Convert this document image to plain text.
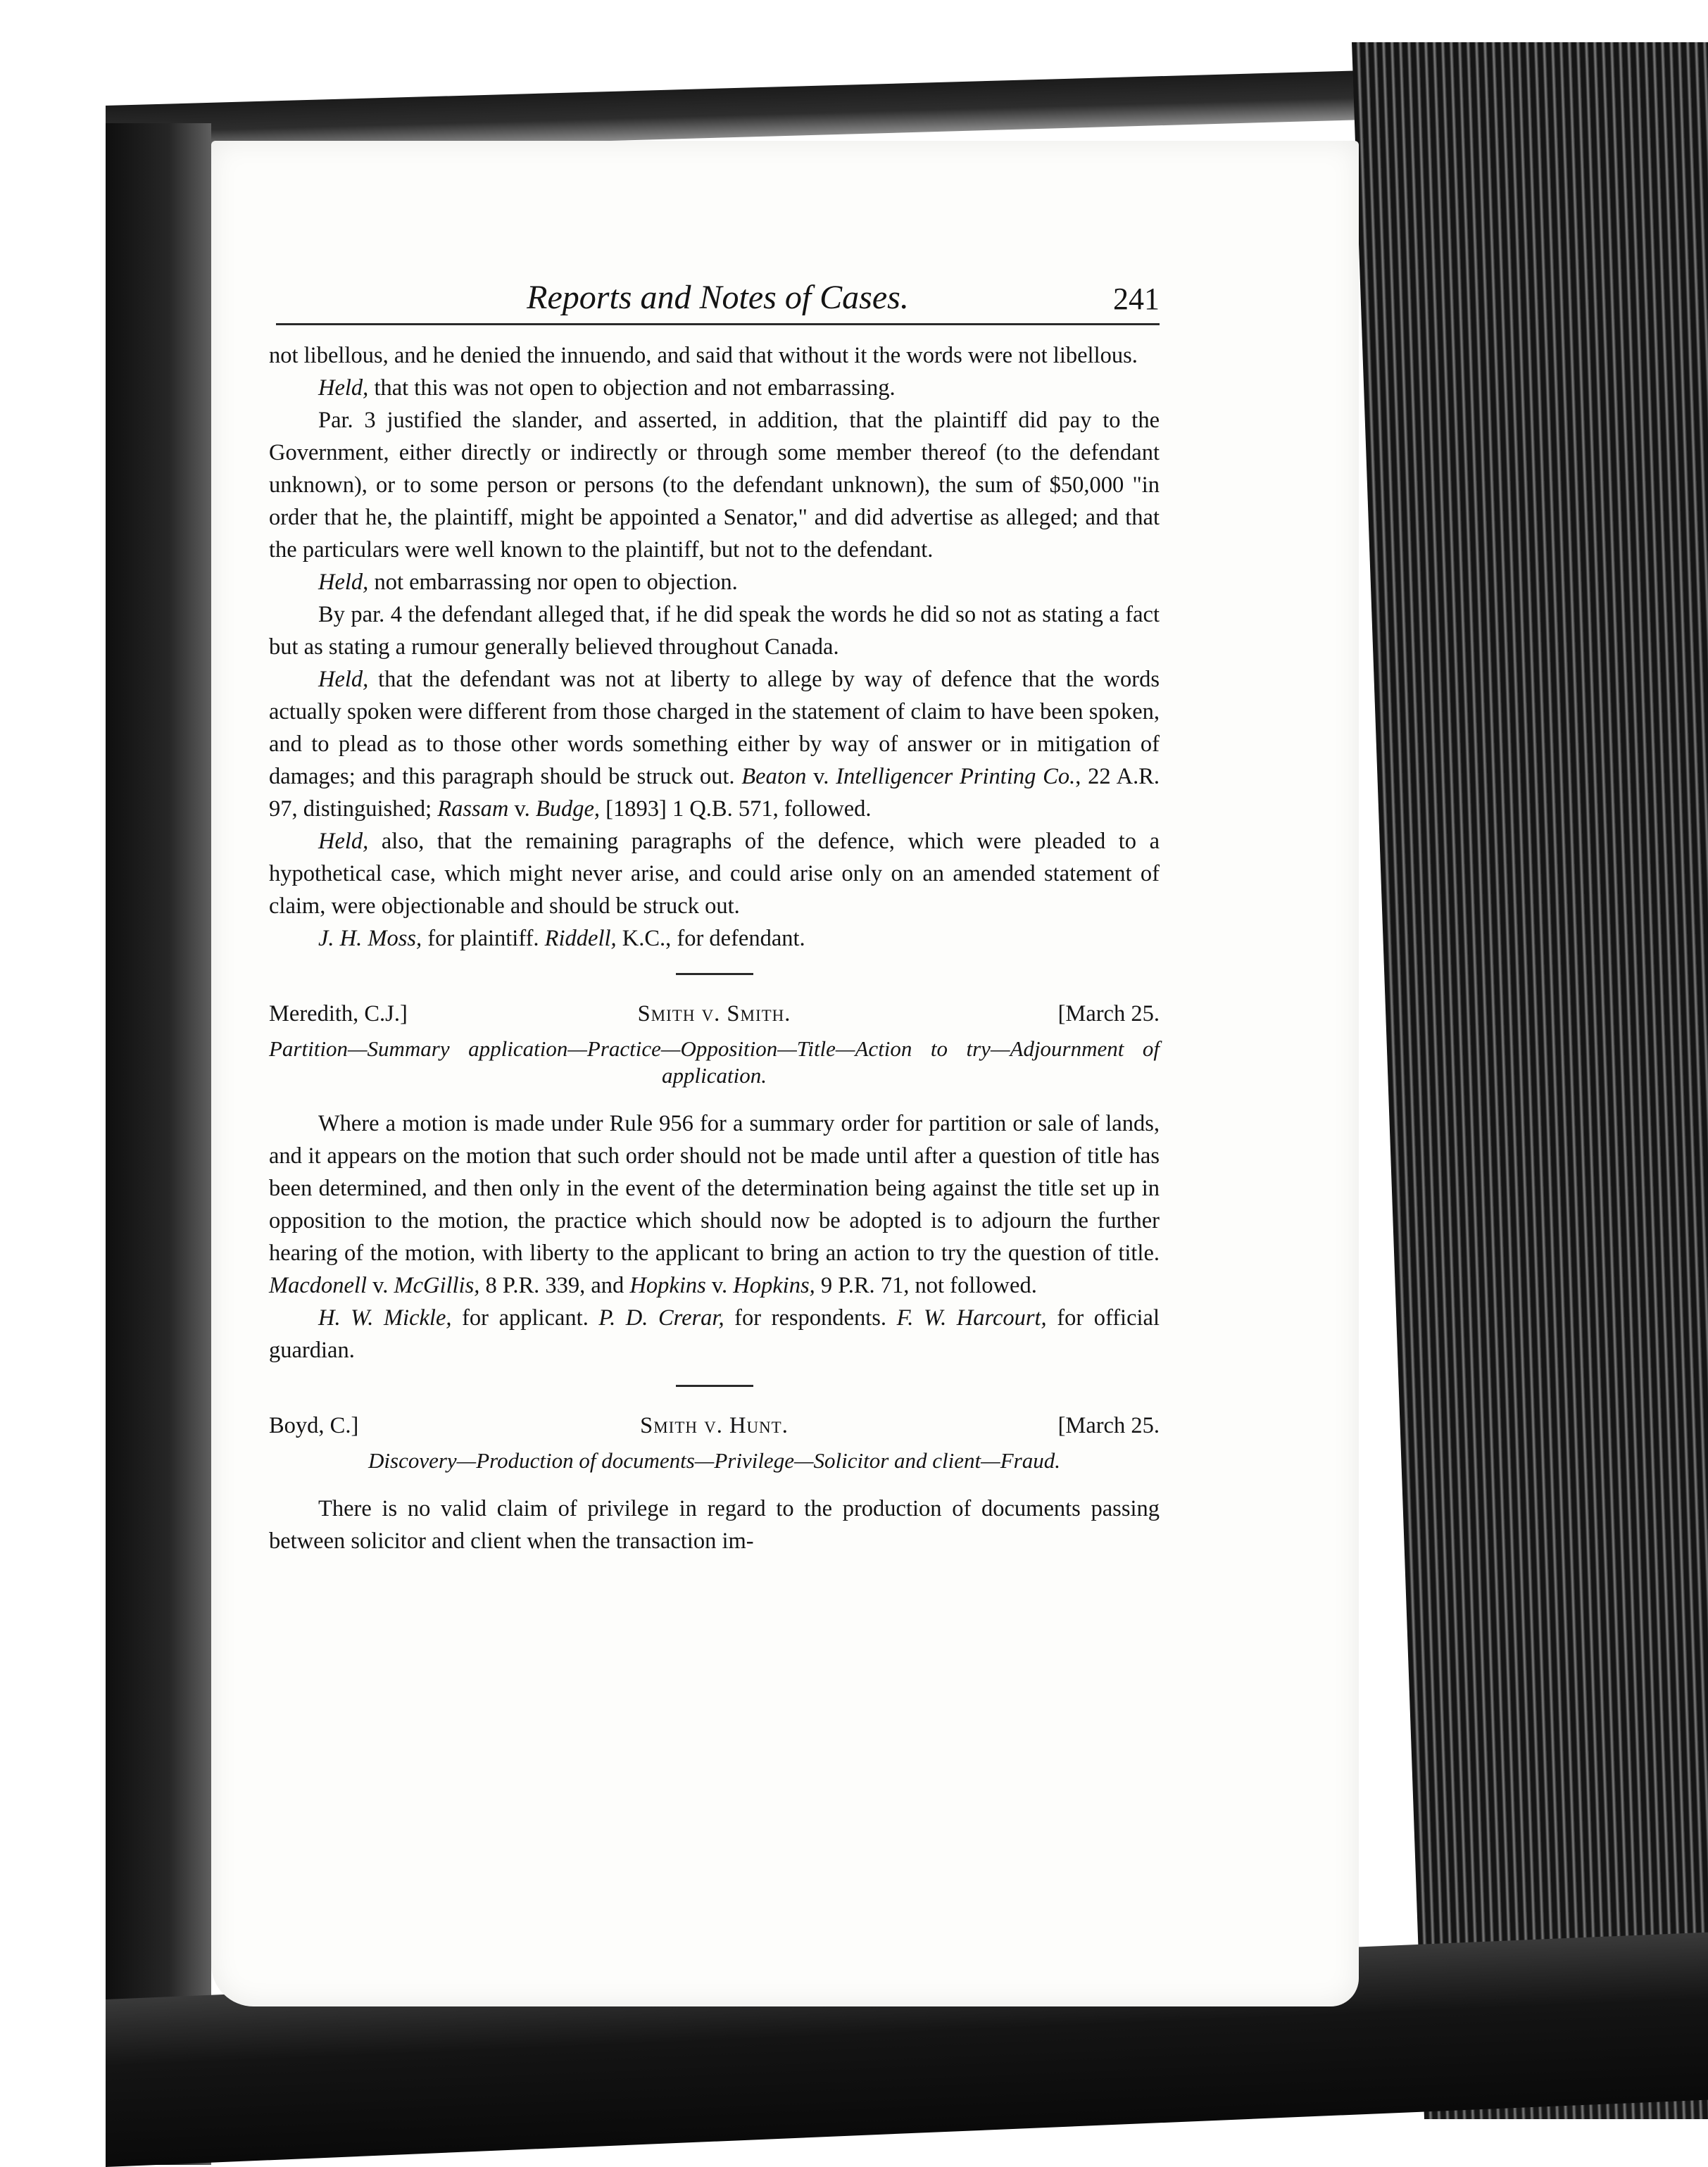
Reports and Notes of Cases.	241

not libellous, and he denied the innuendo, and said that without it the words were not libellous.

Held, that this was not open to objection and not embarrassing.

Par. 3 justified the slander, and asserted, in addition, that the plaintiff did pay to the Government, either directly or indirectly or through some member thereof (to the defendant unknown), or to some person or persons (to the defendant unknown), the sum of $50,000 "in order that he, the plaintiff, might be appointed a Senator," and did advertise as alleged; and that the particulars were well known to the plaintiff, but not to the defendant.

Held, not embarrassing nor open to objection.

By par. 4 the defendant alleged that, if he did speak the words he did so not as stating a fact but as stating a rumour generally believed throughout Canada.

Held, that the defendant was not at liberty to allege by way of defence that the words actually spoken were different from those charged in the statement of claim to have been spoken, and to plead as to those other words something either by way of answer or in mitigation of damages; and this paragraph should be struck out. Beaton v. Intelligencer Printing Co., 22 A.R. 97, distinguished; Rassam v. Budge, [1893] 1 Q.B. 571, followed.

Held, also, that the remaining paragraphs of the defence, which were pleaded to a hypothetical case, which might never arise, and could arise only on an amended statement of claim, were objectionable and should be struck out.

J. H. Moss, for plaintiff. Riddell, K.C., for defendant.

Meredith, C.J.]	Smith v. Smith.	[March 25.
Partition—Summary application—Practice—Opposition—Title—Action to try—Adjournment of application.

Where a motion is made under Rule 956 for a summary order for partition or sale of lands, and it appears on the motion that such order should not be made until after a question of title has been determined, and then only in the event of the determination being against the title set up in opposition to the motion, the practice which should now be adopted is to adjourn the further hearing of the motion, with liberty to the applicant to bring an action to try the question of title. Macdonell v. McGillis, 8 P.R. 339, and Hopkins v. Hopkins, 9 P.R. 71, not followed.

H. W. Mickle, for applicant. P. D. Crerar, for respondents. F. W. Harcourt, for official guardian.

Boyd, C.]	Smith v. Hunt.	[March 25.
Discovery—Production of documents—Privilege—Solicitor and client—Fraud.

There is no valid claim of privilege in regard to the production of documents passing between solicitor and client when the transaction im-
